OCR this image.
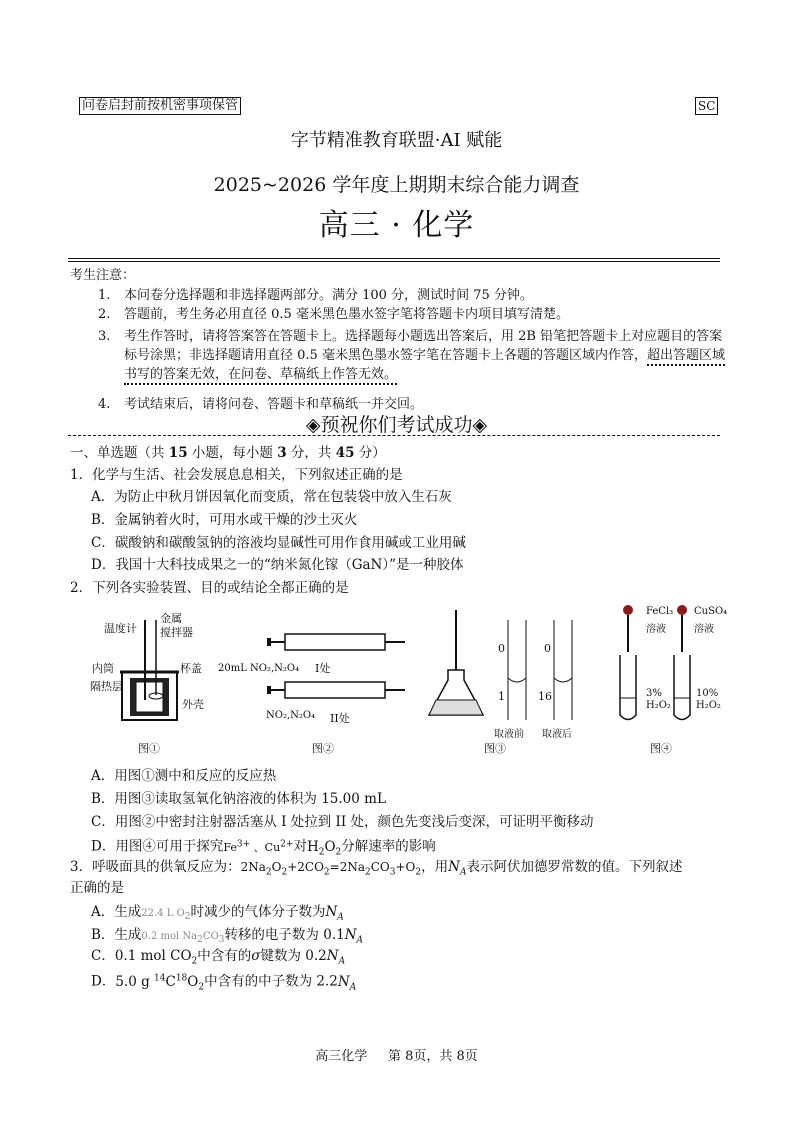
问卷启封前按机密事项保管	SC
字节精准教育联盟·AI 赋能
2025~2026 学年度上期期末综合能力调查
高三 · 化学
考生注意：
1. 本问卷分选择题和非选择题两部分。满分 100 分，测试时间 75 分钟。
2. 答题前，考生务必用直径 0.5 毫米黑色墨水签字笔将答题卡内项目填写清楚。
3. 考生作答时，请将答案答在答题卡上。选择题每小题选出答案后，用 2B 铅笔把答题卡上对应题目的答案标号涂黑；非选择题请用直径 0.5 毫米黑色墨水签字笔在答题卡上各题的答题区域内作答，超出答题区域书写的答案无效，在问卷、草稿纸上作答无效。
4. 考试结束后，请将问卷、答题卡和草稿纸一并交回。
◈预祝你们考试成功◈
一、单选题（共 15 小题，每小题 3 分，共 45 分）
1．化学与生活、社会发展息息相关，下列叙述正确的是
A．为防止中秋月饼因氧化而变质，常在包装袋中放入生石灰
B．金属钠着火时，可用水或干燥的沙土灭火
C．碳酸钠和碳酸氢钠的溶液均显碱性可用作食用碱或工业用碱
D．我国十大科技成果之一的“纳米氮化镓（GaN）”是一种胶体
2．下列各实验装置、目的或结论全都正确的是
温度计
金属
搅拌器
内筒	杯盖
隔热层
外壳
图①
20mL NO₂,N₂O₄ I处
NO₂,N₂O₄ II处
图②
0
1
0
16
取液前 取液后
图③
FeCl₃
溶液
CuSO₄
溶液
3%
H₂O₂
10%
H₂O₂
图④
A．用图①测中和反应的反应热
B．用图③读取氢氧化钠溶液的体积为 15.00 mL
C．用图②中密封注射器活塞从 I 处拉到 II 处，颜色先变浅后变深，可证明平衡移动
D．用图④可用于探究$Fe^{3+}$ 、$Cu^{2+}$对$H_2O_2$分解速率的影响
3．呼吸面具的供氧反应为：$2Na_2O_2+2CO_2=2Na_2CO_3+O_2$，用$N_A$表示阿伏加德罗常数的值。下列叙述
正确的是
A．生成22.4 L $O_2$时减少的气体分子数为$N_A$
B．生成0.2 mol $Na_2CO_3$转移的电子数为 $0.1N_A$
C．0.1 mol $CO_2$中含有的σ键数为 $0.2N_A$
D．5.0 g $^{14}C^{18}O_2$中含有的中子数为 $2.2N_A$
高三化学 第 8页，共 8页
